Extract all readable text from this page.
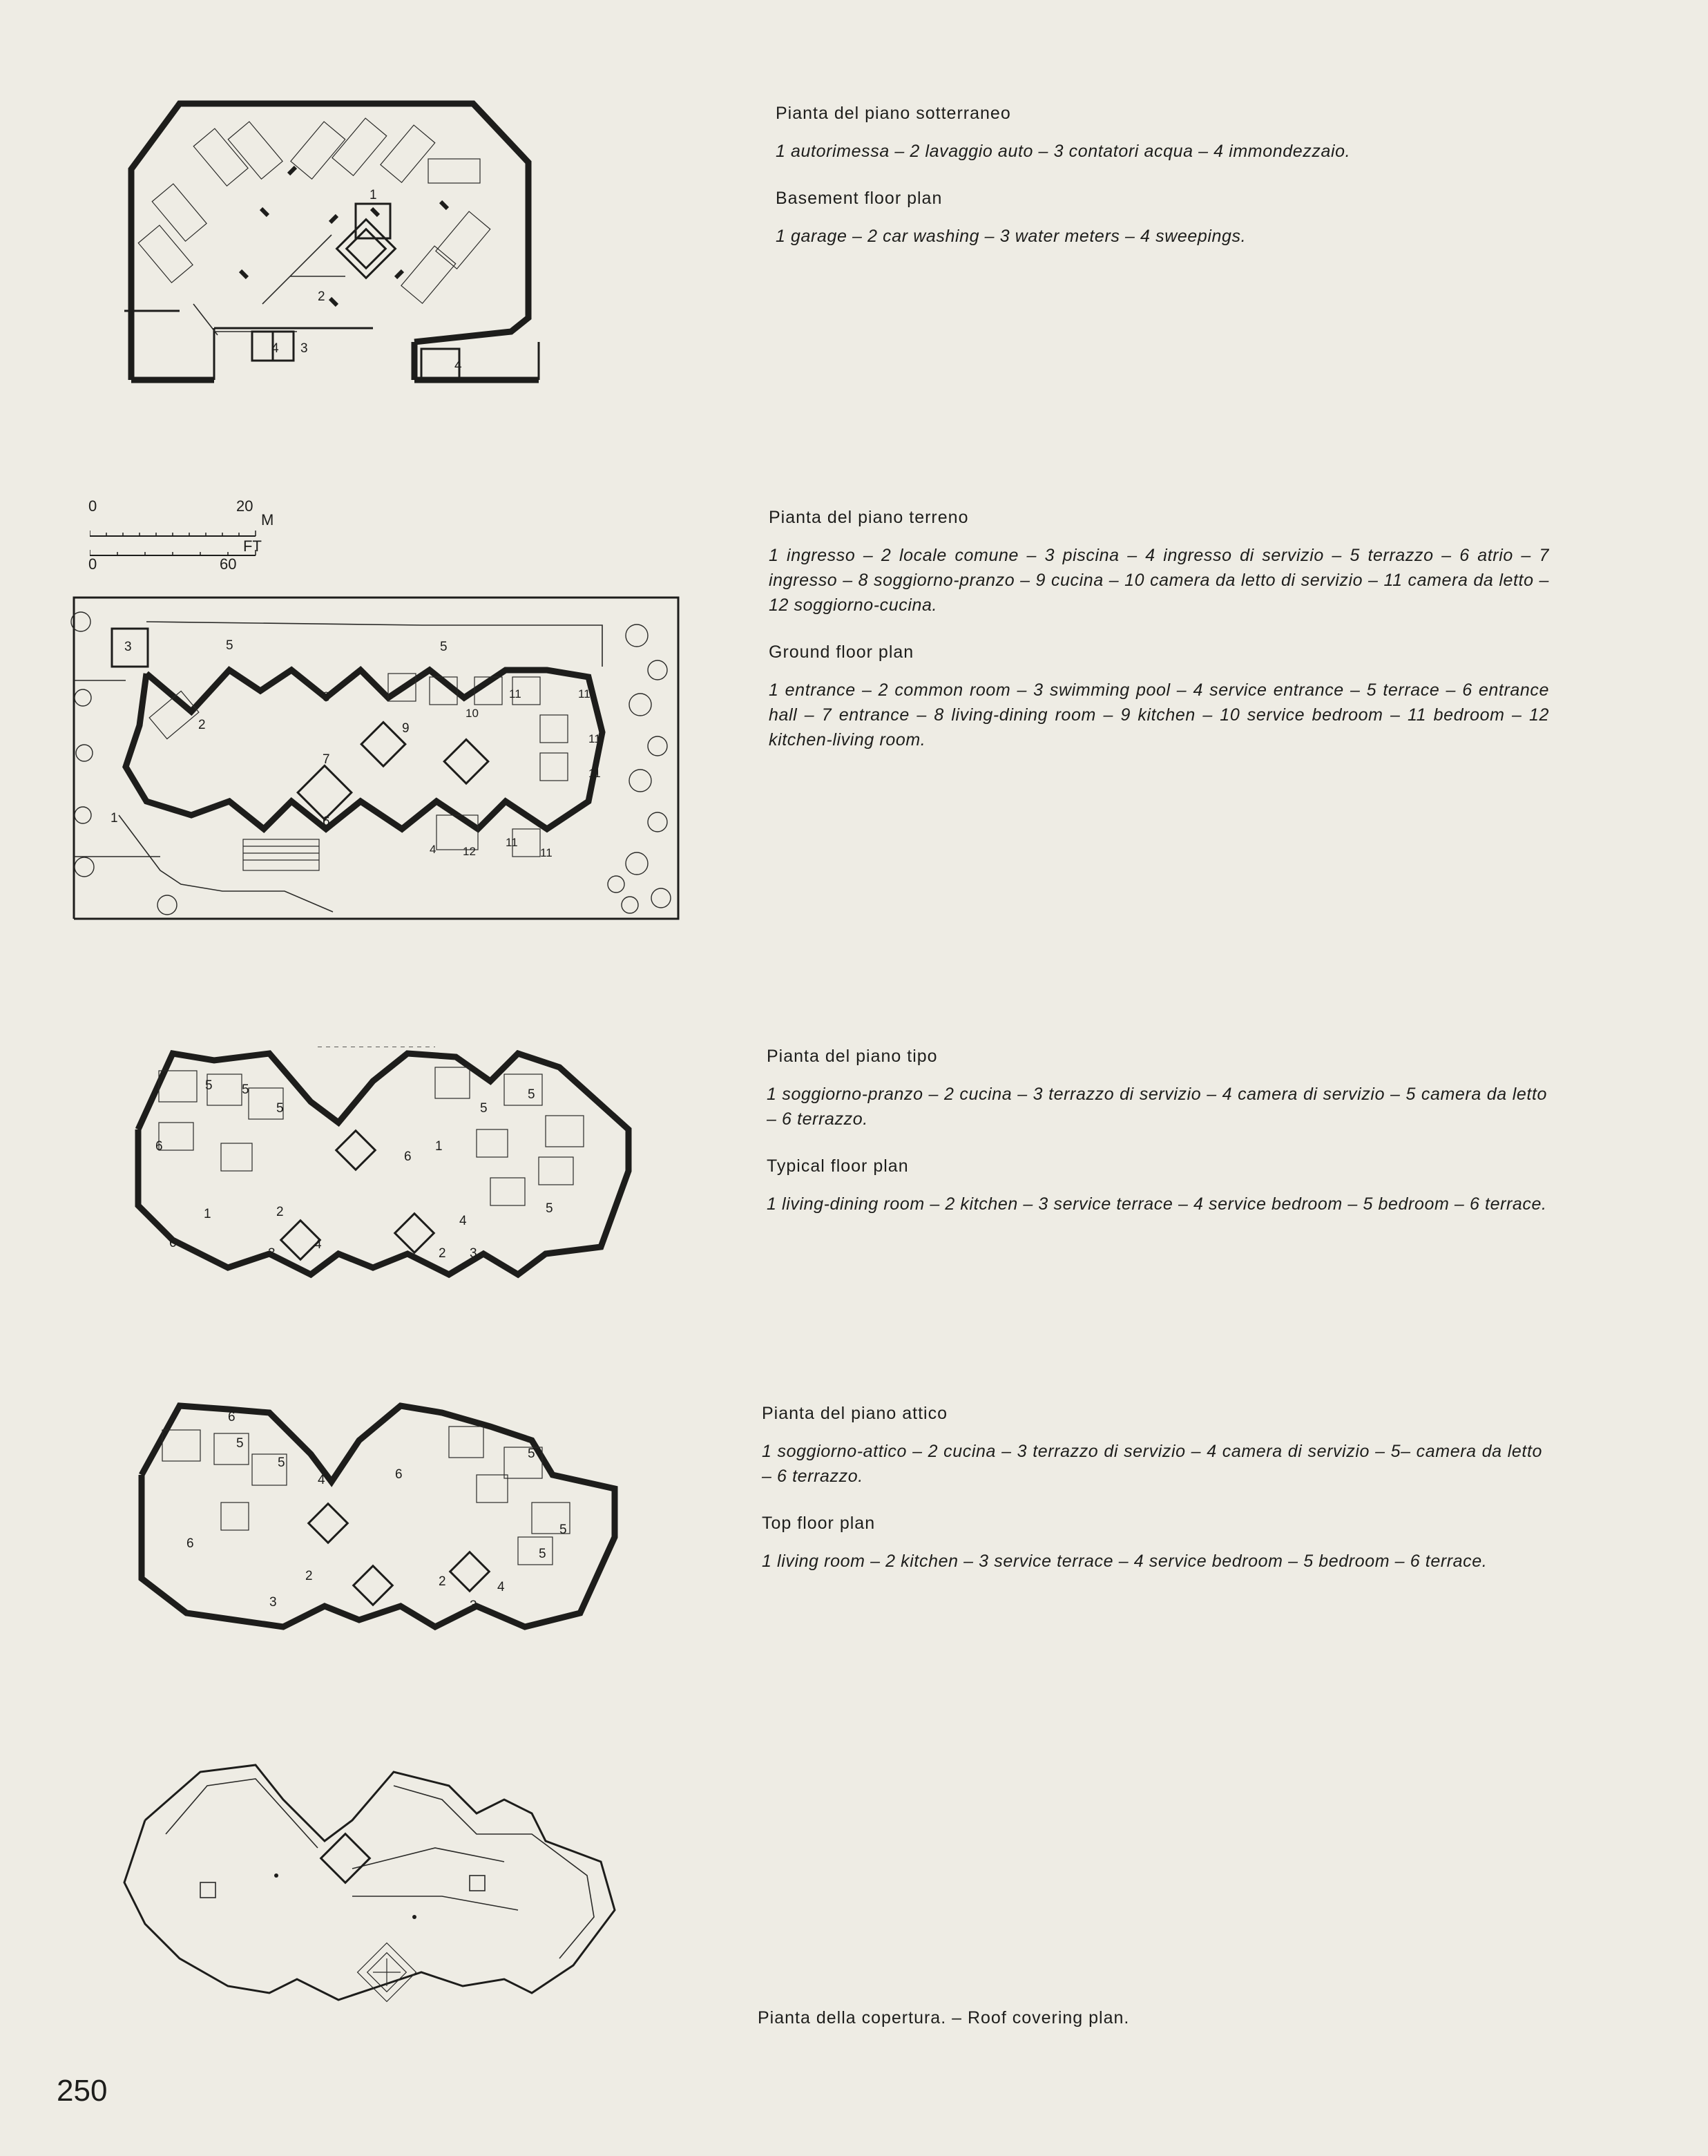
1
2
4 3
4

Pianta del piano sotterraneo

1 autorimessa – 2 lavaggio auto – 3 contatori acqua – 4 immondezzaio.

Basement floor plan

1 garage – 2 car washing – 3 water meters – 4 sweepings.

0	20
M
FT
0	60
3	5	5
2
8
7
9
10
11	11
11
11
6
1
4 12
11
11

Pianta del piano terreno

1 ingresso – 2 locale comune – 3 piscina – 4 ingresso di servizio – 5 terrazzo – 6 atrio – 7 ingresso – 8 soggiorno-pranzo – 9 cucina – 10 camera da letto di servizio – 11 camera da letto – 12 soggiorno-cucina.

Ground floor plan

1 entrance – 2 common room – 3 swimming pool – 4 service entrance – 5 terrace – 6 entrance hall – 7 entrance – 8 living-dining room – 9 kitchen – 10 service bedroom – 11 bedroom – 12 kitchen-living room.

5 5
5
6
1
6
2
3
4
6
1
5
5
4
2 3
5

Pianta del piano tipo

1 soggiorno-pranzo – 2 cucina – 3 terrazzo di servizio – 4 camera di servizio – 5 camera da letto – 6 terrazzo.

Typical floor plan

1 living-dining room – 2 kitchen – 3 service terrace – 4 service bedroom – 5 bedroom – 6 terrace.

6
5
5
4
6
2
3
6
5
5
5
4
2
3

Pianta del piano attico

1 soggiorno-attico – 2 cucina – 3 terrazzo di servizio – 4 camera di servizio – 5– camera da letto – 6 terrazzo.

Top floor plan

1 living room – 2 kitchen – 3 service terrace – 4 service bedroom – 5 bedroom – 6 terrace.

Pianta della copertura. – Roof covering plan.

250
